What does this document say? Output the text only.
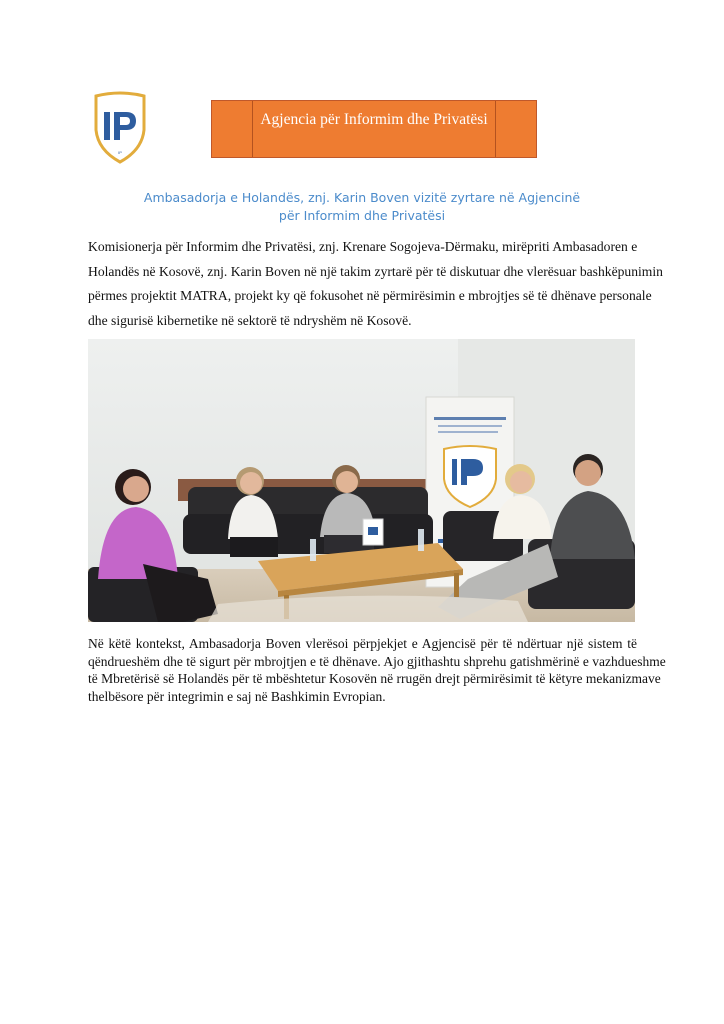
IP
Agjencia për Informim dhe Privatësi
Ambasadorja e Holandës, znj. Karin Boven vizitë zyrtare në Agjencinë
për Informim dhe Privatësi
Komisionerja për Informim dhe Privatësi, znj. Krenare Sogojeva-Dërmaku, mirëpriti Ambasadoren e
Holandës në Kosovë, znj. Karin Boven në një takim zyrtarë për të diskutuar dhe vlerësuar bashkëpunimin
përmes projektit MATRA, projekt ky që fokusohet në përmirësimin e mbrojtjes së të dhënave personale
dhe sigurisë kibernetike në sektorë të ndryshëm në Kosovë.
Në këtë kontekst, Ambasadorja Boven vlerësoi përpjekjet e Agjencisë për të ndërtuar një sistem të
qëndrueshëm dhe të sigurt për mbrojtjen e të dhënave. Ajo gjithashtu shprehu gatishmërinë e vazhdueshme
të Mbretërisë së Holandës për të mbështetur Kosovën në rrugën drejt përmirësimit të këtyre mekanizmave
thelbësore për integrimin e saj në Bashkimin Evropian.
